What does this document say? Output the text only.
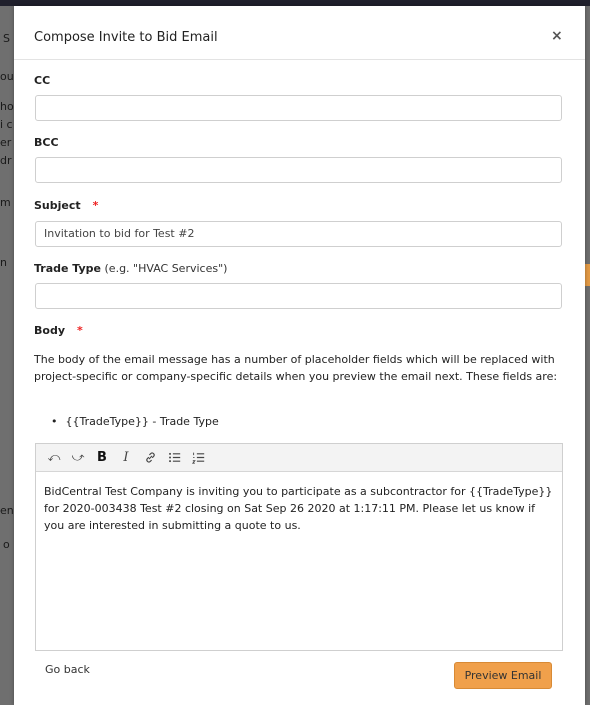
S
ou
ho
i c
er
dr
m
n
en
o
Compose Invite to Bid Email	×
CC
BCC
Subject *
Invitation to bid for Test #2
Trade Type (e.g. "HVAC Services")
Body *
The body of the email message has a number of placeholder fields which will be replaced with project-specific or company-specific details when you preview the email next. These fields are:
• {{TradeType}} - Trade Type
⤺ ⤻ B	I
BidCentral Test Company is inviting you to participate as a subcontractor for {{TradeType}} for 2020-003438 Test #2 closing on Sat Sep 26 2020 at 1:17:11 PM. Please let us know if you are interested in submitting a quote to us.
Go back	Preview Email
